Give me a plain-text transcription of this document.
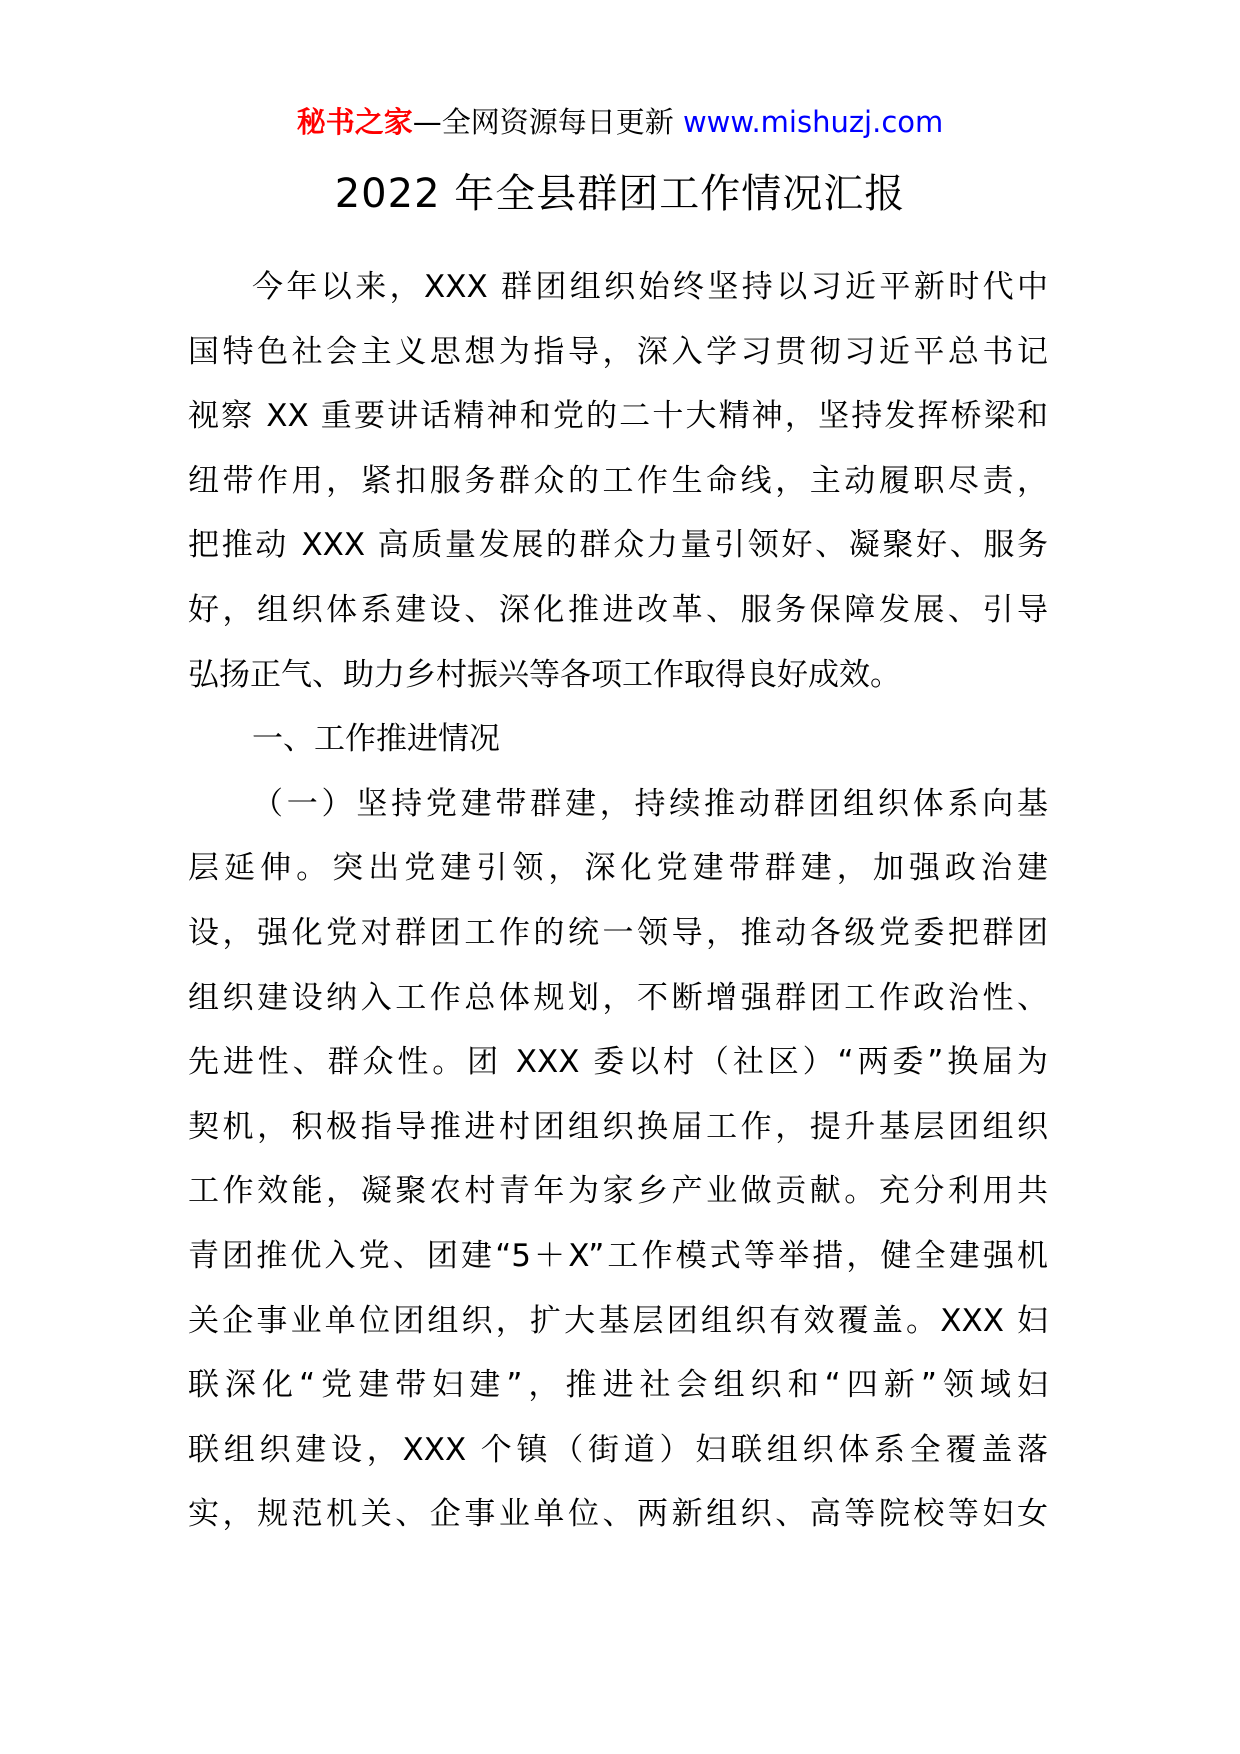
秘书之家—全网资源每日更新 www.mishuzj.com
2022 年全县群团工作情况汇报
今年以来，XXX 群团组织始终坚持以习近平新时代中
国特色社会主义思想为指导，深入学习贯彻习近平总书记
视察 XX 重要讲话精神和党的二十大精神，坚持发挥桥梁和
纽带作用，紧扣服务群众的工作生命线，主动履职尽责，
把推动 XXX 高质量发展的群众力量引领好、凝聚好、服务
好，组织体系建设、深化推进改革、服务保障发展、引导
弘扬正气、助力乡村振兴等各项工作取得良好成效。
一、工作推进情况
（一）坚持党建带群建，持续推动群团组织体系向基
层延伸。突出党建引领，深化党建带群建，加强政治建
设，强化党对群团工作的统一领导，推动各级党委把群团
组织建设纳入工作总体规划，不断增强群团工作政治性、
先进性、群众性。团 XXX 委以村（社区）“两委”换届为
契机，积极指导推进村团组织换届工作，提升基层团组织
工作效能，凝聚农村青年为家乡产业做贡献。充分利用共
青团推优入党、团建“5＋X”工作模式等举措，健全建强机
关企事业单位团组织，扩大基层团组织有效覆盖。XXX 妇
联深化“党建带妇建”，推进社会组织和“四新”领域妇
联组织建设，XXX 个镇（街道）妇联组织体系全覆盖落
实，规范机关、企事业单位、两新组织、高等院校等妇女
